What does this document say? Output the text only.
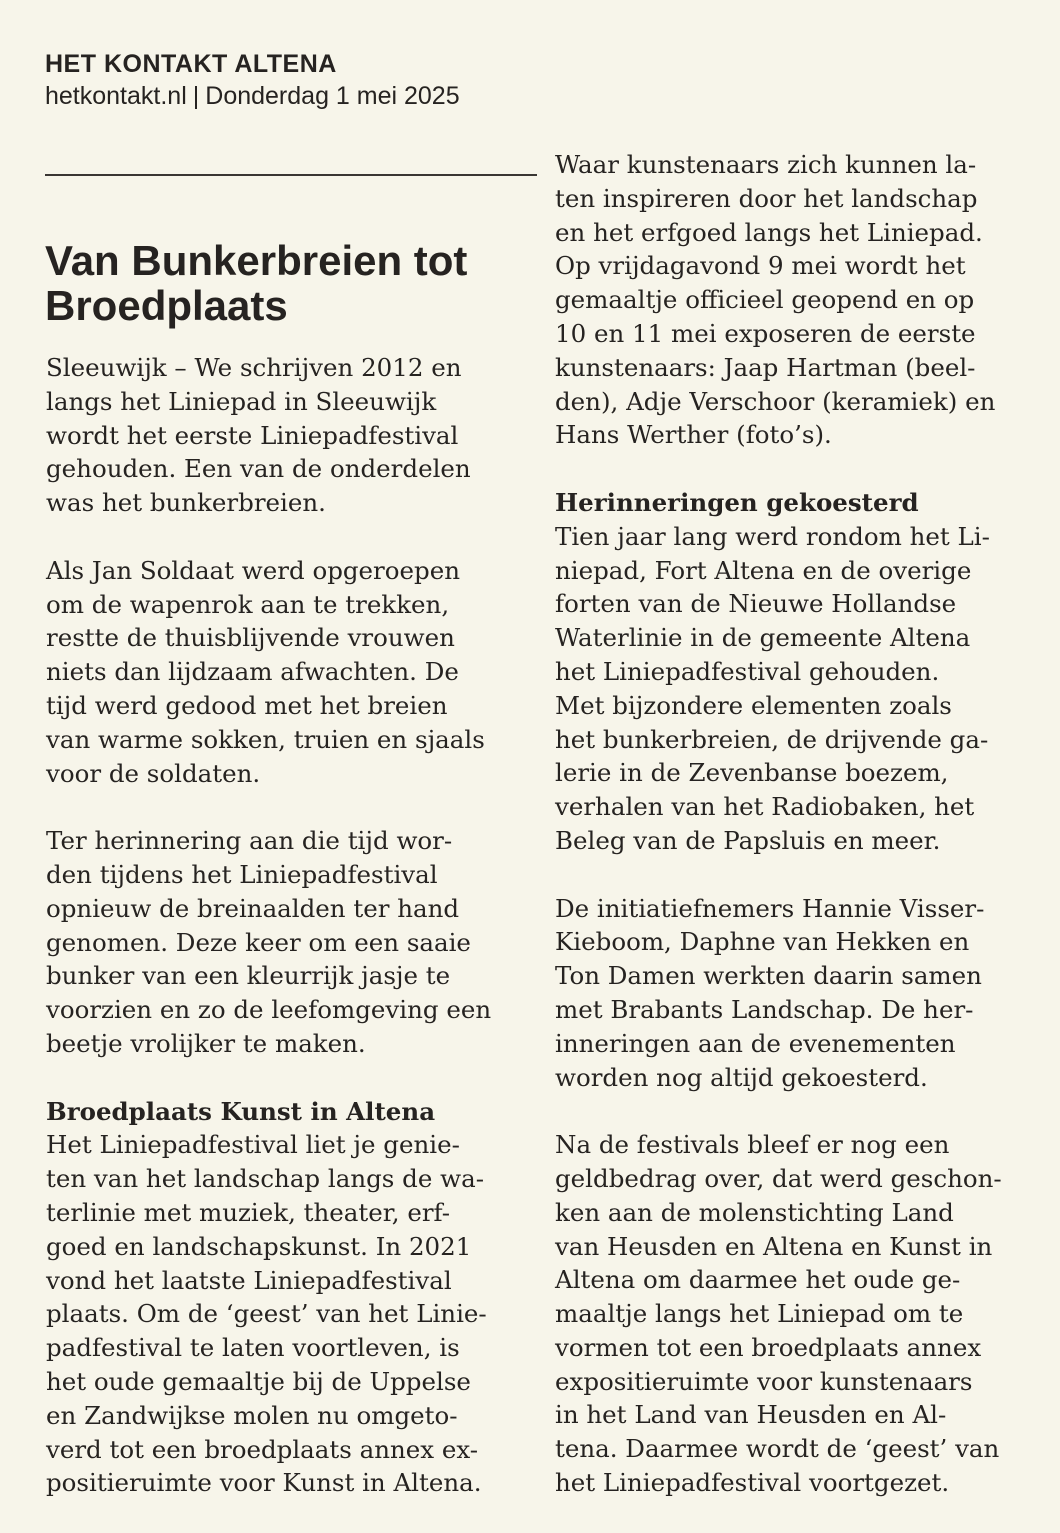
HET KONTAKT ALTENA
hetkontakt.nl | Donderdag 1 mei 2025
Van Bunkerbreien tot
Broedplaats
Sleeuwijk – We schrijven 2012 en
langs het Liniepad in Sleeuwijk
wordt het eerste Liniepadfestival
gehouden. Een van de onderdelen
was het bunkerbreien.
Als Jan Soldaat werd opgeroepen
om de wapenrok aan te trekken,
restte de thuisblijvende vrouwen
niets dan lijdzaam afwachten. De
tijd werd gedood met het breien
van warme sokken, truien en sjaals
voor de soldaten.
Ter herinnering aan die tijd wor-
den tijdens het Liniepadfestival
opnieuw de breinaalden ter hand
genomen. Deze keer om een saaie
bunker van een kleurrijk jasje te
voorzien en zo de leefomgeving een
beetje vrolijker te maken.
Broedplaats Kunst in Altena
Het Liniepadfestival liet je genie-
ten van het landschap langs de wa-
terlinie met muziek, theater, erf-
goed en landschapskunst. In 2021
vond het laatste Liniepadfestival
plaats. Om de ‘geest’ van het Linie-
padfestival te laten voortleven, is
het oude gemaaltje bij de Uppelse
en Zandwijkse molen nu omgeto-
verd tot een broedplaats annex ex-
positieruimte voor Kunst in Altena.
Waar kunstenaars zich kunnen la-
ten inspireren door het landschap
en het erfgoed langs het Liniepad.
Op vrijdagavond 9 mei wordt het
gemaaltje officieel geopend en op
10 en 11 mei exposeren de eerste
kunstenaars: Jaap Hartman (beel-
den), Adje Verschoor (keramiek) en
Hans Werther (foto’s).
Herinneringen gekoesterd
Tien jaar lang werd rondom het Li-
niepad, Fort Altena en de overige
forten van de Nieuwe Hollandse
Waterlinie in de gemeente Altena
het Liniepadfestival gehouden.
Met bijzondere elementen zoals
het bunkerbreien, de drijvende ga-
lerie in de Zevenbanse boezem,
verhalen van het Radiobaken, het
Beleg van de Papsluis en meer.
De initiatiefnemers Hannie Visser-
Kieboom, Daphne van Hekken en
Ton Damen werkten daarin samen
met Brabants Landschap. De her-
inneringen aan de evenementen
worden nog altijd gekoesterd.
Na de festivals bleef er nog een
geldbedrag over, dat werd geschon-
ken aan de molenstichting Land
van Heusden en Altena en Kunst in
Altena om daarmee het oude ge-
maaltje langs het Liniepad om te
vormen tot een broedplaats annex
expositieruimte voor kunstenaars
in het Land van Heusden en Al-
tena. Daarmee wordt de ‘geest’ van
het Liniepadfestival voortgezet.
